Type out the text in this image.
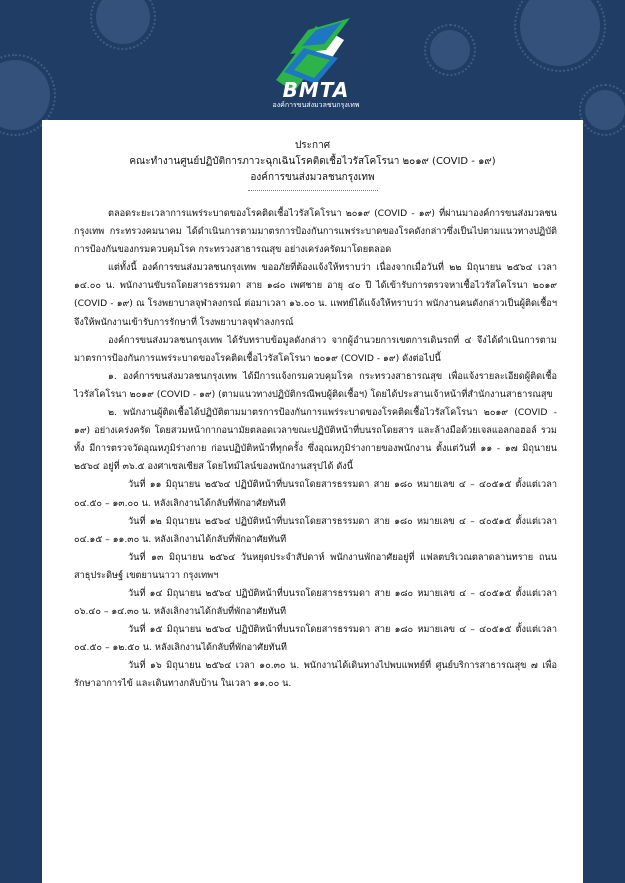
BMTA
องค์การขนส่งมวลชนกรุงเทพ
ประกาศ
คณะทำงานศูนย์ปฏิบัติการภาวะฉุกเฉินโรคติดเชื้อไวรัสโคโรนา ๒๐๑๙ (COVID - ๑๙)
องค์การขนส่งมวลชนกรุงเทพ

ตลอดระยะเวลาการแพร่ระบาดของโรคติดเชื้อไวรัสโคโรนา ๒๐๑๙ (COVID - ๑๙) ที่ผ่านมาองค์การขนส่งมวลชนกรุงเทพ กระทรวงคมนาคม ได้ดำเนินการตามมาตรการป้องกันการแพร่ระบาดของโรคดังกล่าวซึ่งเป็นไปตามแนวทางปฏิบัติการป้องกันของกรมควบคุมโรค กระทรวงสาธารณสุข อย่างเคร่งครัดมาโดยตลอด

แต่ทั้งนี้ องค์การขนส่งมวลชนกรุงเทพ ขออภัยที่ต้องแจ้งให้ทราบว่า เนื่องจากเมื่อวันที่ ๒๒ มิถุนายน ๒๕๖๔ เวลา ๑๔.๐๐ น. พนักงานขับรถโดยสารธรรมดา สาย ๑๘๐ เพศชาย อายุ ๔๐ ปี ได้เข้ารับการตรวจหาเชื้อไวรัสโคโรนา ๒๐๑๙ (COVID - ๑๙) ณ โรงพยาบาลจุฬาลงกรณ์ ต่อมาเวลา ๑๖.๐๐ น. แพทย์ได้แจ้งให้ทราบว่า พนักงานคนดังกล่าวเป็นผู้ติดเชื้อฯ จึงให้พนักงานเข้ารับการรักษาที่ โรงพยาบาลจุฬาลงกรณ์

องค์การขนส่งมวลชนกรุงเทพ ได้รับทราบข้อมูลดังกล่าว จากผู้อำนวยการเขตการเดินรถที่ ๔ จึงได้ดำเนินการตามมาตรการป้องกันการแพร่ระบาดของโรคติดเชื้อไวรัสโคโรนา ๒๐๑๙ (COVID - ๑๙) ดังต่อไปนี้

๑. องค์การขนส่งมวลชนกรุงเทพ ได้มีการแจ้งกรมควบคุมโรค กระทรวงสาธารณสุข เพื่อแจ้งรายละเอียดผู้ติดเชื้อไวรัสโคโรนา ๒๐๑๙ (COVID - ๑๙) (ตามแนวทางปฏิบัติกรณีพบผู้ติดเชื้อฯ) โดยได้ประสานเจ้าหน้าที่สำนักงานสาธารณสุข

๒. พนักงานผู้ติดเชื้อได้ปฏิบัติตามมาตรการป้องกันการแพร่ระบาดของโรคติดเชื้อไวรัสโคโรนา ๒๐๑๙ (COVID - ๑๙) อย่างเคร่งครัด โดยสวมหน้ากากอนามัยตลอดเวลาขณะปฏิบัติหน้าที่บนรถโดยสาร และล้างมือด้วยเจลแอลกอฮอล์ รวมทั้ง มีการตรวจวัดอุณหภูมิร่างกาย ก่อนปฏิบัติหน้าที่ทุกครั้ง ซึ่งอุณหภูมิร่างกายของพนักงาน ตั้งแต่วันที่ ๑๑ - ๑๗ มิถุนายน ๒๕๖๔ อยู่ที่ ๓๖.๕ องศาเซลเซียส โดยไทม์ไลน์ของพนักงานสรุปได้ ดังนี้

วันที่ ๑๑ มิถุนายน ๒๕๖๔ ปฏิบัติหน้าที่บนรถโดยสารธรรมดา สาย ๑๘๐ หมายเลข ๔ – ๔๐๕๑๕ ตั้งแต่เวลา ๐๔.๕๐ – ๑๓.๐๐ น. หลังเลิกงานได้กลับที่พักอาศัยทันที

วันที่ ๑๒ มิถุนายน ๒๕๖๔ ปฏิบัติหน้าที่บนรถโดยสารธรรมดา สาย ๑๘๐ หมายเลข ๔ – ๔๐๕๑๕ ตั้งแต่เวลา ๐๔.๑๕ – ๑๑.๓๐ น. หลังเลิกงานได้กลับที่พักอาศัยทันที

วันที่ ๑๓ มิถุนายน ๒๕๖๔ วันหยุดประจำสัปดาห์ พนักงานพักอาศัยอยู่ที่ แฟลตบริเวณตลาดลานทราย ถนนสาธุประดิษฐ์ เขตยานนาวา กรุงเทพฯ

วันที่ ๑๔ มิถุนายน ๒๕๖๔ ปฏิบัติหน้าที่บนรถโดยสารธรรมดา สาย ๑๘๐ หมายเลข ๔ – ๔๐๕๑๕ ตั้งแต่เวลา ๐๖.๔๐ – ๑๔.๓๐ น. หลังเลิกงานได้กลับที่พักอาศัยทันที

วันที่ ๑๕ มิถุนายน ๒๕๖๔ ปฏิบัติหน้าที่บนรถโดยสารธรรมดา สาย ๑๘๐ หมายเลข ๔ – ๔๐๕๑๕ ตั้งแต่เวลา ๐๔.๕๐ – ๑๒.๕๐ น. หลังเลิกงานได้กลับที่พักอาศัยทันที

วันที่ ๑๖ มิถุนายน ๒๕๖๔ เวลา ๑๐.๓๐ น. พนักงานได้เดินทางไปพบแพทย์ที่ ศูนย์บริการสาธารณสุข ๗ เพื่อรักษาอาการไข้ และเดินทางกลับบ้าน ในเวลา ๑๑.๐๐ น.
